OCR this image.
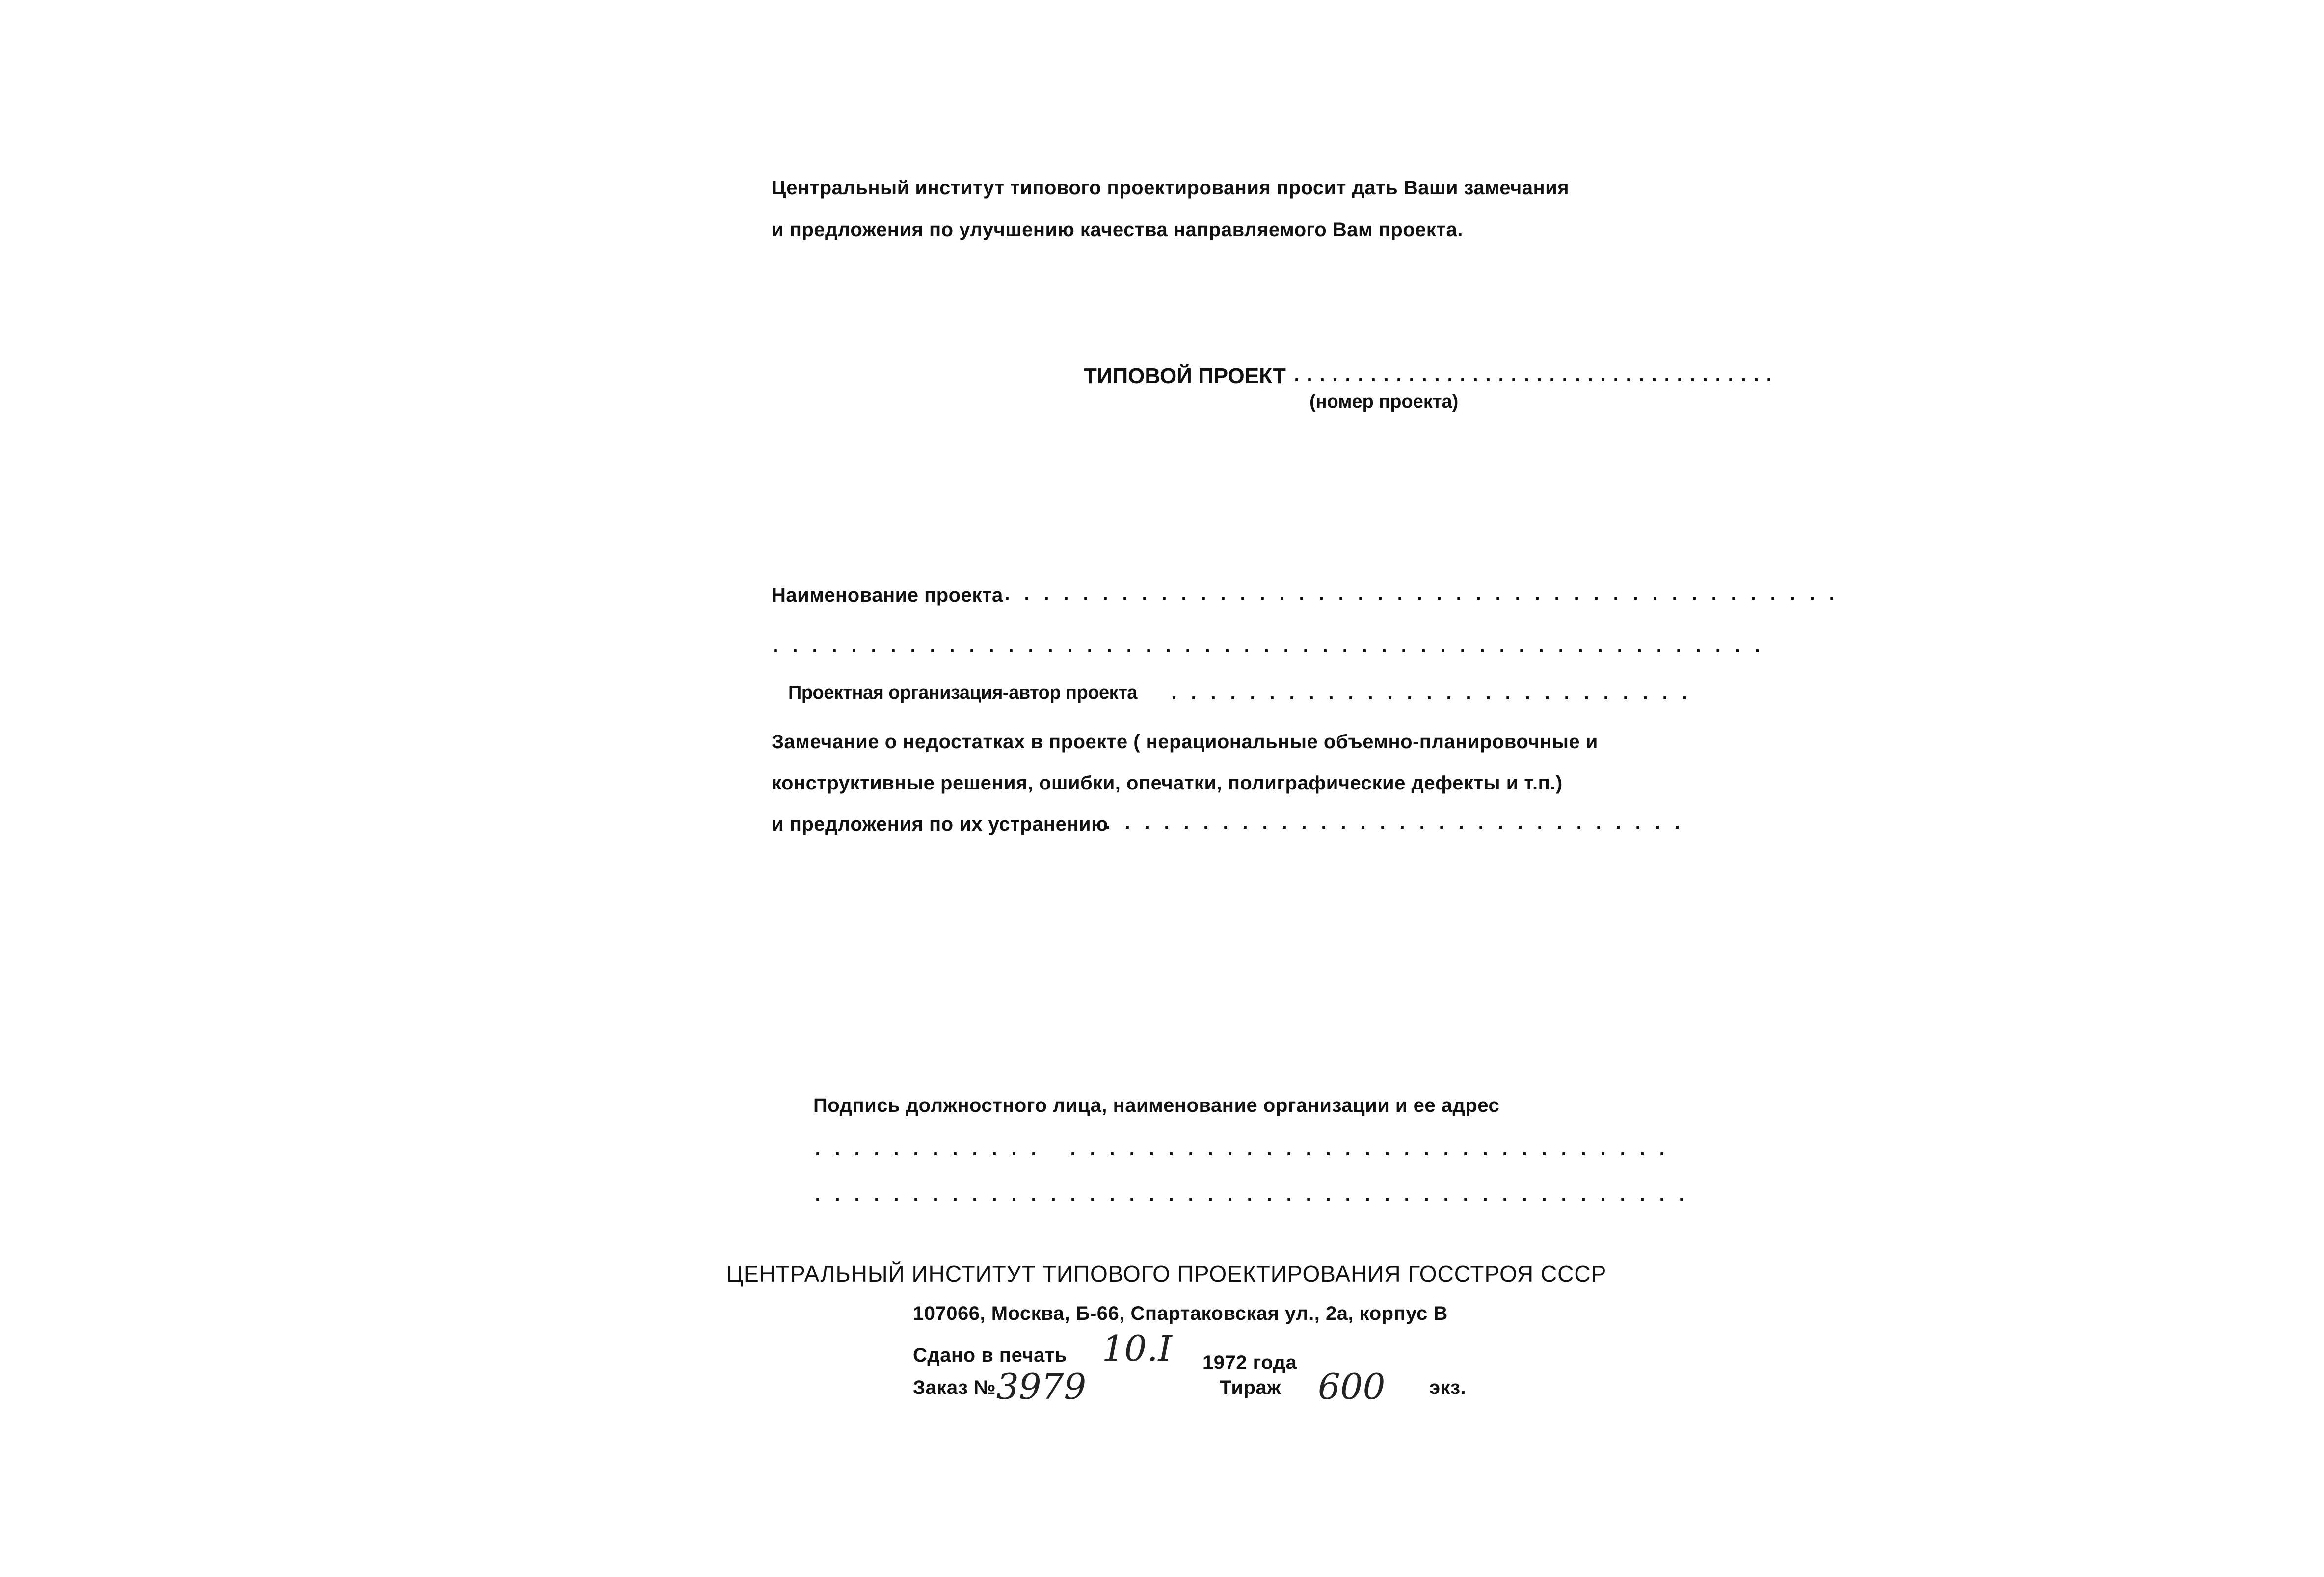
Центральный институт типового проектирования просит дать Ваши замечания
и предложения по улучшению качества направляемого Вам проекта.
ТИПОВОЙ ПРОЕКТ ......................................
(номер проекта)
Наименование проекта
...........................................
...................................................
Проектная организация-автор проекта ...........................
Замечание о недостатках в проекте ( нерациональные объемно-планировочные и
конструктивные решения, ошибки, опечатки, полиграфические дефекты и т.п.)
и предложения по их устранению
..............................
Подпись должностного лица, наименование организации и ее адрес
............ ...............................
.............................................
ЦЕНТРАЛЬНЫЙ ИНСТИТУТ ТИПОВОГО ПРОЕКТИРОВАНИЯ ГОССТРОЯ СССР
107066, Москва, Б-66, Спартаковская ул., 2а, корпус В
Сдано в печать 10.I 1972 года
Заказ № 3979	Тираж 600 экз.
